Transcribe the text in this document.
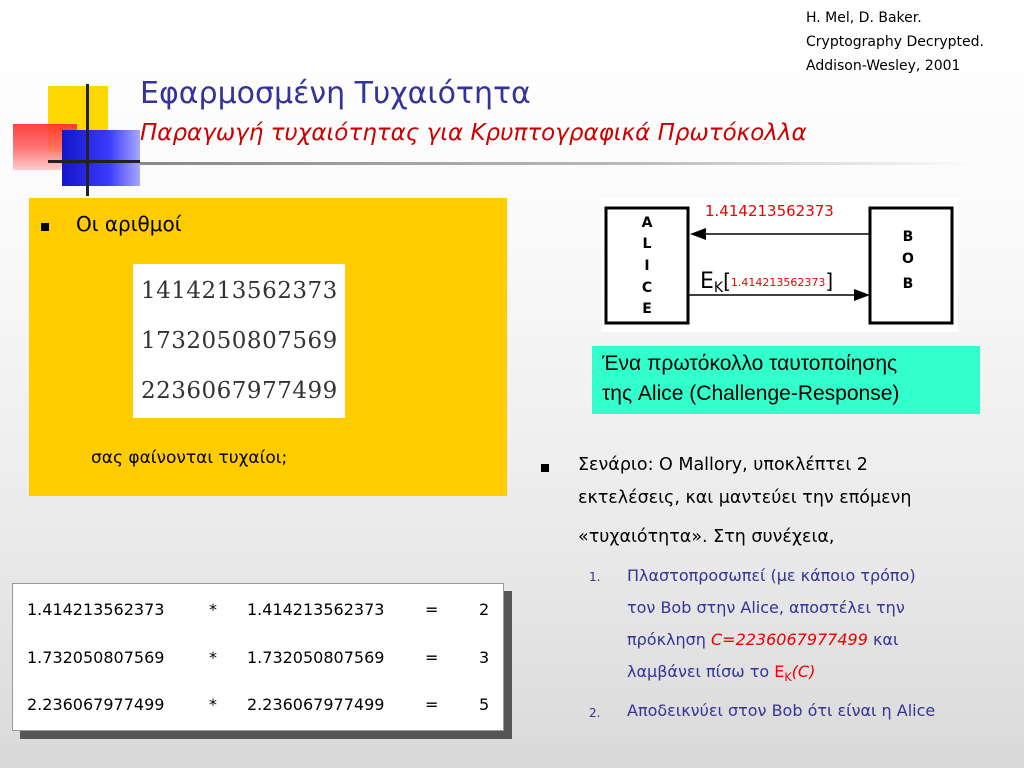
H. Mel, D. Baker.
Cryptography Decrypted.
Addison-Wesley, 2001
Εφαρμοσμένη Τυχαιότητα
Παραγωγή τυχαιότητας για Κρυπτογραφικά Πρωτόκολλα
Οι αριθμοί
1414213562373
1732050807569
2236067977499
σας φαίνονται τυχαίοι;
A
L
I
C
E
B
O
B
1.414213562373
EK[1.414213562373]
Ένα πρωτόκολλο ταυτοποίησης
της Alice (Challenge-Response)
Σενάριο: Ο Mallory, υποκλέπτει 2
εκτελέσεις, και μαντεύει την επόμενη
«τυχαιότητα». Στη συνέχεια,
1. Πλαστοπροσωπεί (με κάποιο τρόπο)
τον Bob στην Alice, αποστέλει την
πρόκληση C=2236067977499 και
λαμβάνει πίσω το $E_K(C)$
2. Αποδεικνύει στον Bob ότι είναι η Alice
1.414213562373	* 1.414213562373	=	2
1.732050807569	* 1.732050807569	=	3
2.236067977499	* 2.236067977499	=	5
